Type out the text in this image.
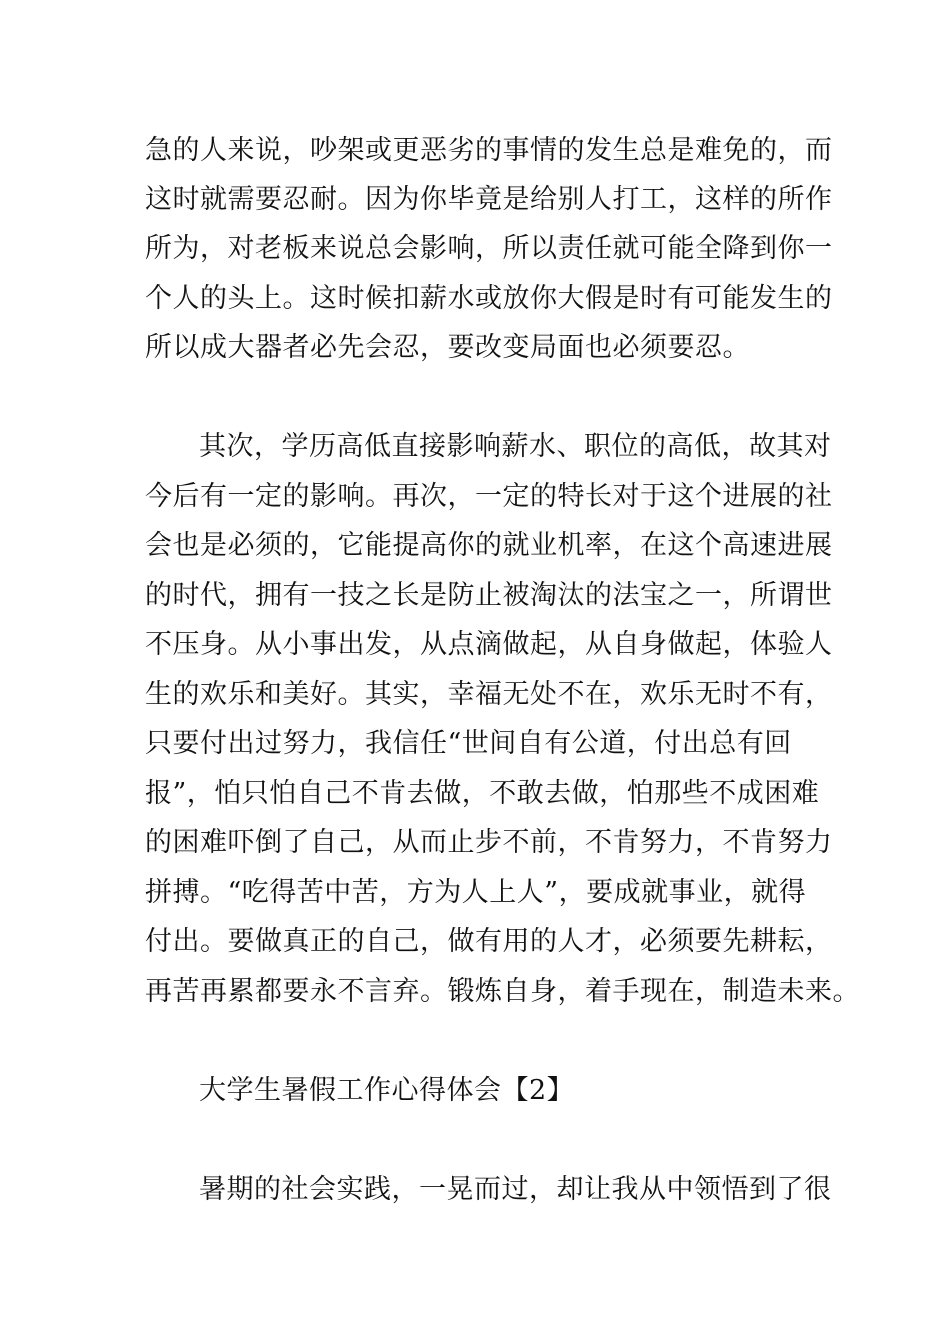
急的人来说，吵架或更恶劣的事情的发生总是难免的，而
这时就需要忍耐。因为你毕竟是给别人打工，这样的所作
所为，对老板来说总会影响，所以责任就可能全降到你一
个人的头上。这时候扣薪水或放你大假是时有可能发生的
所以成大器者必先会忍，要改变局面也必须要忍。
其次，学历高低直接影响薪水、职位的高低，故其对
今后有一定的影响。再次，一定的特长对于这个进展的社
会也是必须的，它能提高你的就业机率，在这个高速进展
的时代，拥有一技之长是防止被淘汰的法宝之一，所谓世
不压身。从小事出发，从点滴做起，从自身做起，体验人
生的欢乐和美好。其实，幸福无处不在，欢乐无时不有，
只要付出过努力，我信任“世间自有公道，付出总有回
报”，怕只怕自己不肯去做，不敢去做，怕那些不成困难
的困难吓倒了自己，从而止步不前，不肯努力，不肯努力
拼搏。“吃得苦中苦，方为人上人”，要成就事业，就得
付出。要做真正的自己，做有用的人才，必须要先耕耘，
再苦再累都要永不言弃。锻炼自身，着手现在，制造未来。
大学生暑假工作心得体会【2】
暑期的社会实践，一晃而过，却让我从中领悟到了很
